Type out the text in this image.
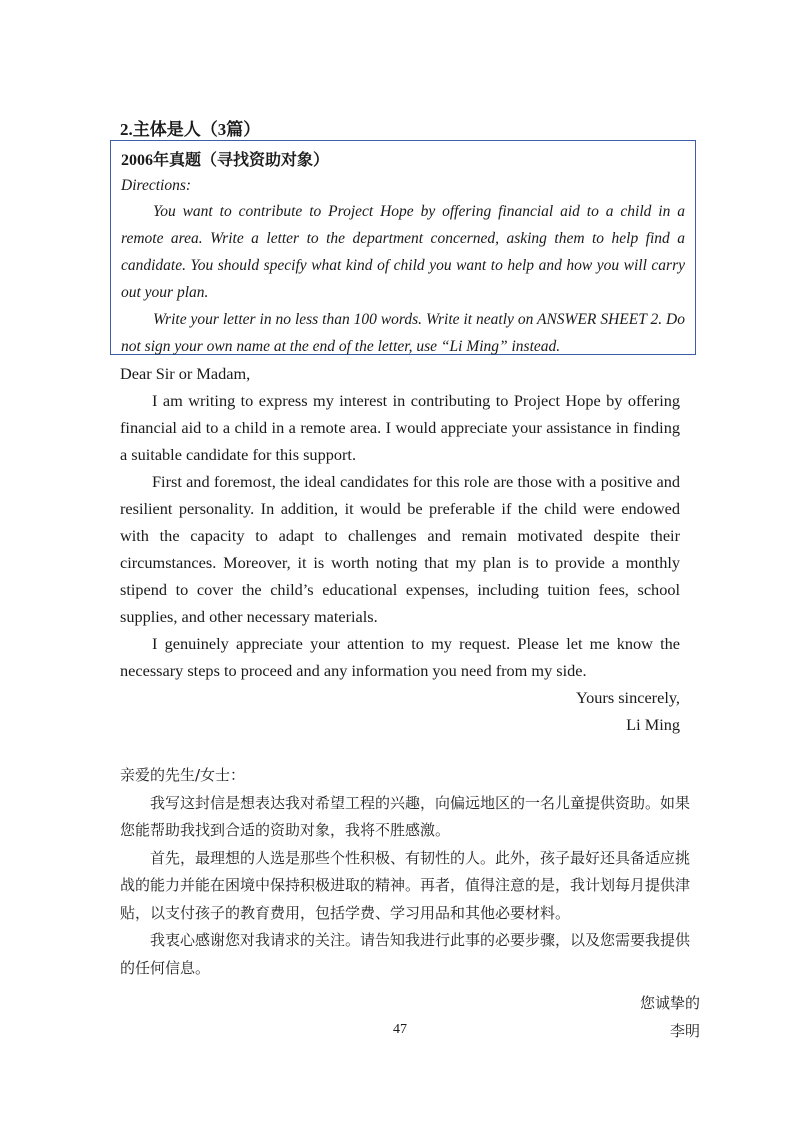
2.主体是人（3篇）

2006年真题（寻找资助对象）

Directions:

You want to contribute to Project Hope by offering financial aid to a child in a remote area. Write a letter to the department concerned, asking them to help find a candidate. You should specify what kind of child you want to help and how you will carry out your plan.

Write your letter in no less than 100 words. Write it neatly on ANSWER SHEET 2. Do not sign your own name at the end of the letter, use “Li Ming” instead.

Dear Sir or Madam,

I am writing to express my interest in contributing to Project Hope by offering financial aid to a child in a remote area. I would appreciate your assistance in finding a suitable candidate for this support.

First and foremost, the ideal candidates for this role are those with a positive and resilient personality. In addition, it would be preferable if the child were endowed with the capacity to adapt to challenges and remain motivated despite their circumstances. Moreover, it is worth noting that my plan is to provide a monthly stipend to cover the child’s educational expenses, including tuition fees, school supplies, and other necessary materials.

I genuinely appreciate your attention to my request. Please let me know the necessary steps to proceed and any information you need from my side.

Yours sincerely,

Li Ming

亲爱的先生/女士：

我写这封信是想表达我对希望工程的兴趣，向偏远地区的一名儿童提供资助。如果您能帮助我找到合适的资助对象，我将不胜感激。

首先，最理想的人选是那些个性积极、有韧性的人。此外，孩子最好还具备适应挑战的能力并能在困境中保持积极进取的精神。再者，值得注意的是，我计划每月提供津贴，以支付孩子的教育费用，包括学费、学习用品和其他必要材料。

我衷心感谢您对我请求的关注。请告知我进行此事的必要步骤，以及您需要我提供的任何信息。

您诚挚的

李明

47
